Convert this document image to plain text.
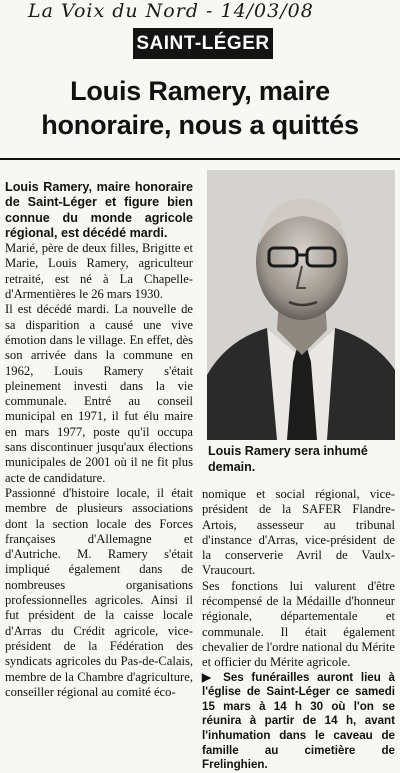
La Voix du Nord - 14/03/08
SAINT-LÉGER
Louis Ramery, maire
honoraire, nous a quittés

Louis Ramery, maire honoraire de Saint-Léger et figure bien connue du monde agricole régional, est décédé mardi.

Marié, père de deux filles, Brigitte et Marie, Louis Ramery, agriculteur retraité, est né à La Chapelle-d'Armentières le 26 mars 1930.

Il est décédé mardi. La nouvelle de sa disparition a causé une vive émotion dans le village. En effet, dès son arrivée dans la commune en 1962, Louis Ramery s'était pleinement investi dans la vie communale. Entré au conseil municipal en 1971, il fut élu maire en mars 1977, poste qu'il occupa sans discontinuer jusqu'aux élections municipales de 2001 où il ne fit plus acte de candidature.

Passionné d'histoire locale, il était membre de plusieurs associations dont la section locale des Forces françaises d'Allemagne et d'Autriche. M. Ramery s'était impliqué également dans de nombreuses organisations professionnelles agricoles. Ainsi il fut président de la caisse locale d'Arras du Crédit agricole, vice-président de la Fédération des syndicats agricoles du Pas-de-Calais, membre de la Chambre d'agriculture, conseiller régional au comité éco-

Louis Ramery sera inhumé demain.

nomique et social régional, vice-président de la SAFER Flandre-Artois, assesseur au tribunal d'instance d'Arras, vice-président de la conserverie Avril de Vaulx-Vraucourt.

Ses fonctions lui valurent d'être récompensé de la Médaille d'honneur régionale, départementale et communale. Il était également chevalier de l'ordre national du Mérite et officier du Mérite agricole.

▶ Ses funérailles auront lieu à l'église de Saint-Léger ce samedi 15 mars à 14 h 30 où l'on se réunira à partir de 14 h, avant l'inhumation dans le caveau de famille au cimetière de Frelinghien.
